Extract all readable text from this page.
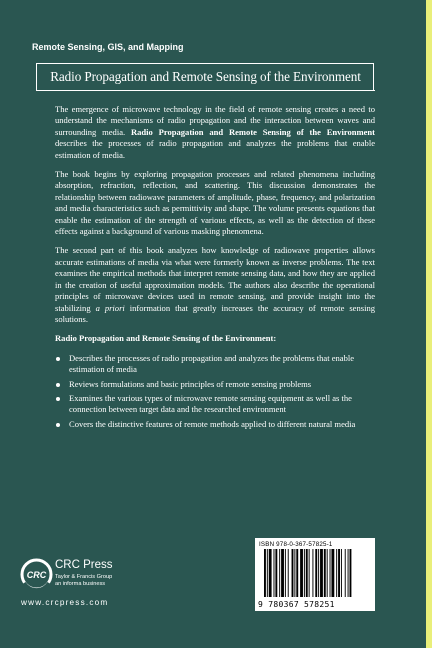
Remote Sensing, GIS, and Mapping
Radio Propagation and Remote Sensing of the Environment

The emergence of microwave technology in the field of remote sensing creates a need to understand the mechanisms of radio propagation and the interaction between waves and surrounding media. Radio Propagation and Remote Sensing of the Environment describes the processes of radio propagation and analyzes the problems that enable estimation of media.

The book begins by exploring propagation processes and related phenomena including absorption, refraction, reflection, and scattering. This discussion demonstrates the relationship between radiowave parameters of amplitude, phase, frequency, and polarization and media characteristics such as permittivity and shape. The volume presents equations that enable the estimation of the strength of various effects, as well as the detection of these effects against a background of various masking phenomena.

The second part of this book analyzes how knowledge of radiowave properties allows accurate estimations of media via what were formerly known as inverse problems. The text examines the empirical methods that interpret remote sensing data, and how they are applied in the creation of useful approximation models. The authors also describe the operational principles of microwave devices used in remote sensing, and provide insight into the stabilizing a priori information that greatly increases the accuracy of remote sensing solutions.

Radio Propagation and Remote Sensing of the Environment:

Describes the processes of radio propagation and analyzes the problems that enable estimation of media
Reviews formulations and basic principles of remote sensing problems
Examines the various types of microwave remote sensing equipment as well as the connection between target data and the researched environment
Covers the distinctive features of remote methods applied to different natural media
CRC
CRC Press
Taylor & Francis Group
an informa business
www.crcpress.com
ISBN 978-0-367-57825-1
9 780367 578251
